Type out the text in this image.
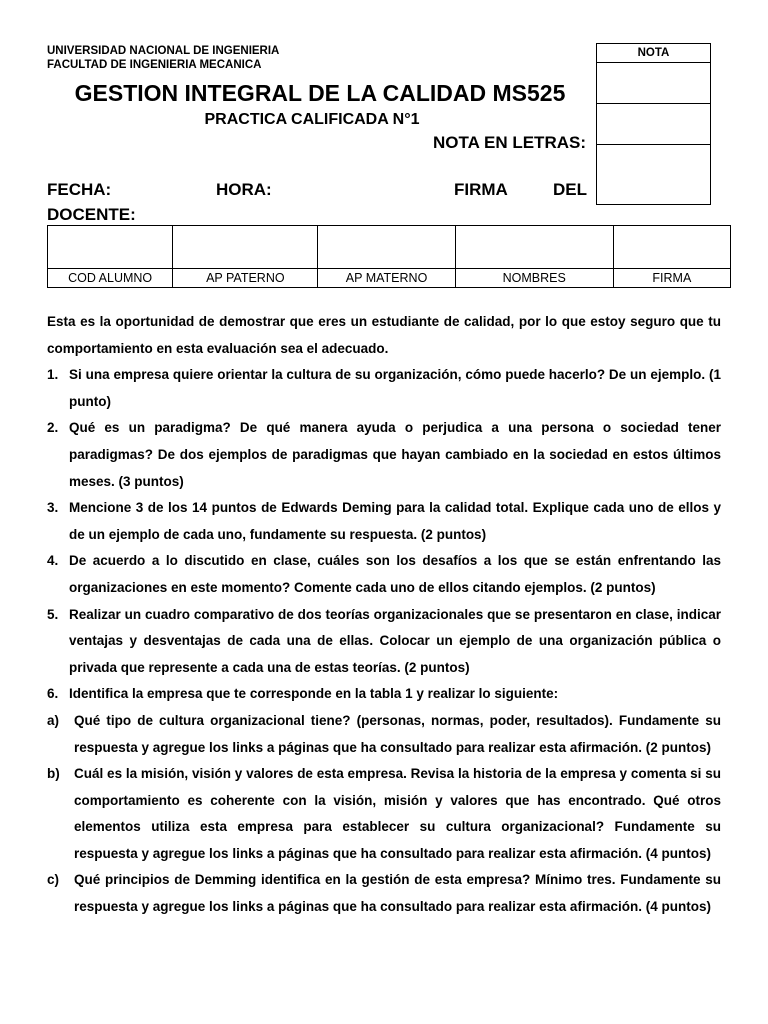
UNIVERSIDAD NACIONAL DE INGENIERIA
FACULTAD DE INGENIERIA MECANICA
GESTION INTEGRAL DE LA CALIDAD MS525
PRACTICA CALIFICADA N°1
NOTA EN LETRAS:
FECHA:	HORA:	FIRMA	DEL
DOCENTE:
NOTA

COD ALUMNO	AP PATERNO	AP MATERNO	NOMBRES	FIRMA

Esta es la oportunidad de demostrar que eres un estudiante de calidad, por lo que estoy seguro que tu comportamiento en esta evaluación sea el adecuado.

1. Si una empresa quiere orientar la cultura de su organización, cómo puede hacerlo? De un ejemplo. (1 punto)
2. Qué es un paradigma? De qué manera ayuda o perjudica a una persona o sociedad tener paradigmas? De dos ejemplos de paradigmas que hayan cambiado en la sociedad en estos últimos meses. (3 puntos)
3. Mencione 3 de los 14 puntos de Edwards Deming para la calidad total. Explique cada uno de ellos y de un ejemplo de cada uno, fundamente su respuesta. (2 puntos)
4. De acuerdo a lo discutido en clase, cuáles son los desafíos a los que se están enfrentando las organizaciones en este momento? Comente cada uno de ellos citando ejemplos. (2 puntos)
5. Realizar un cuadro comparativo de dos teorías organizacionales que se presentaron en clase, indicar ventajas y desventajas de cada una de ellas. Colocar un ejemplo de una organización pública o privada que represente a cada una de estas teorías. (2 puntos)
6. Identifica la empresa que te corresponde en la tabla 1 y realizar lo siguiente:
a)	Qué tipo de cultura organizacional tiene? (personas, normas, poder, resultados). Fundamente su respuesta y agregue los links a páginas que ha consultado para realizar esta afirmación. (2 puntos)
b)	Cuál es la misión, visión y valores de esta empresa. Revisa la historia de la empresa y comenta si su comportamiento es coherente con la visión, misión y valores que has encontrado. Qué otros elementos utiliza esta empresa para establecer su cultura organizacional? Fundamente su respuesta y agregue los links a páginas que ha consultado para realizar esta afirmación. (4 puntos)
c)	Qué principios de Demming identifica en la gestión de esta empresa? Mínimo tres. Fundamente su respuesta y agregue los links a páginas que ha consultado para realizar esta afirmación. (4 puntos)
